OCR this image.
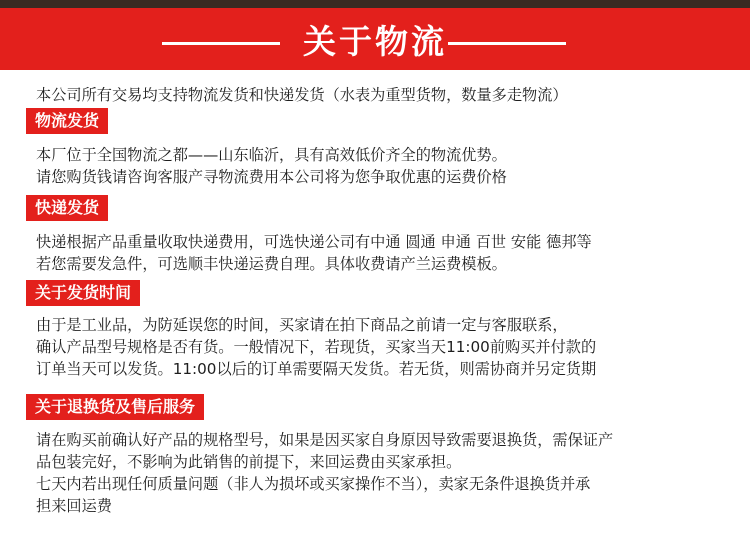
关于物流
本公司所有交易均支持物流发货和快递发货（水表为重型货物，数量多走物流）
物流发货
本厂位于全国物流之都——山东临沂，具有高效低价齐全的物流优势。
请您购货钱请咨询客服产寻物流费用本公司将为您争取优惠的运费价格
快递发货
快递根据产品重量收取快递费用，可选快递公司有中通 圆通 申通 百世 安能 德邦等
若您需要发急件，可选顺丰快递运费自理。具体收费请产兰运费模板。
关于发货时间
由于是工业品，为防延误您的时间，买家请在拍下商品之前请一定与客服联系，
确认产品型号规格是否有货。一般情况下，若现货，买家当天11:00前购买并付款的
订单当天可以发货。11:00以后的订单需要隔天发货。若无货，则需协商并另定货期
关于退换货及售后服务
请在购买前确认好产品的规格型号，如果是因买家自身原因导致需要退换货，需保证产
品包装完好，不影响为此销售的前提下，来回运费由买家承担。
七天内若出现任何质量问题（非人为损坏或买家操作不当），卖家无条件退换货并承
担来回运费
